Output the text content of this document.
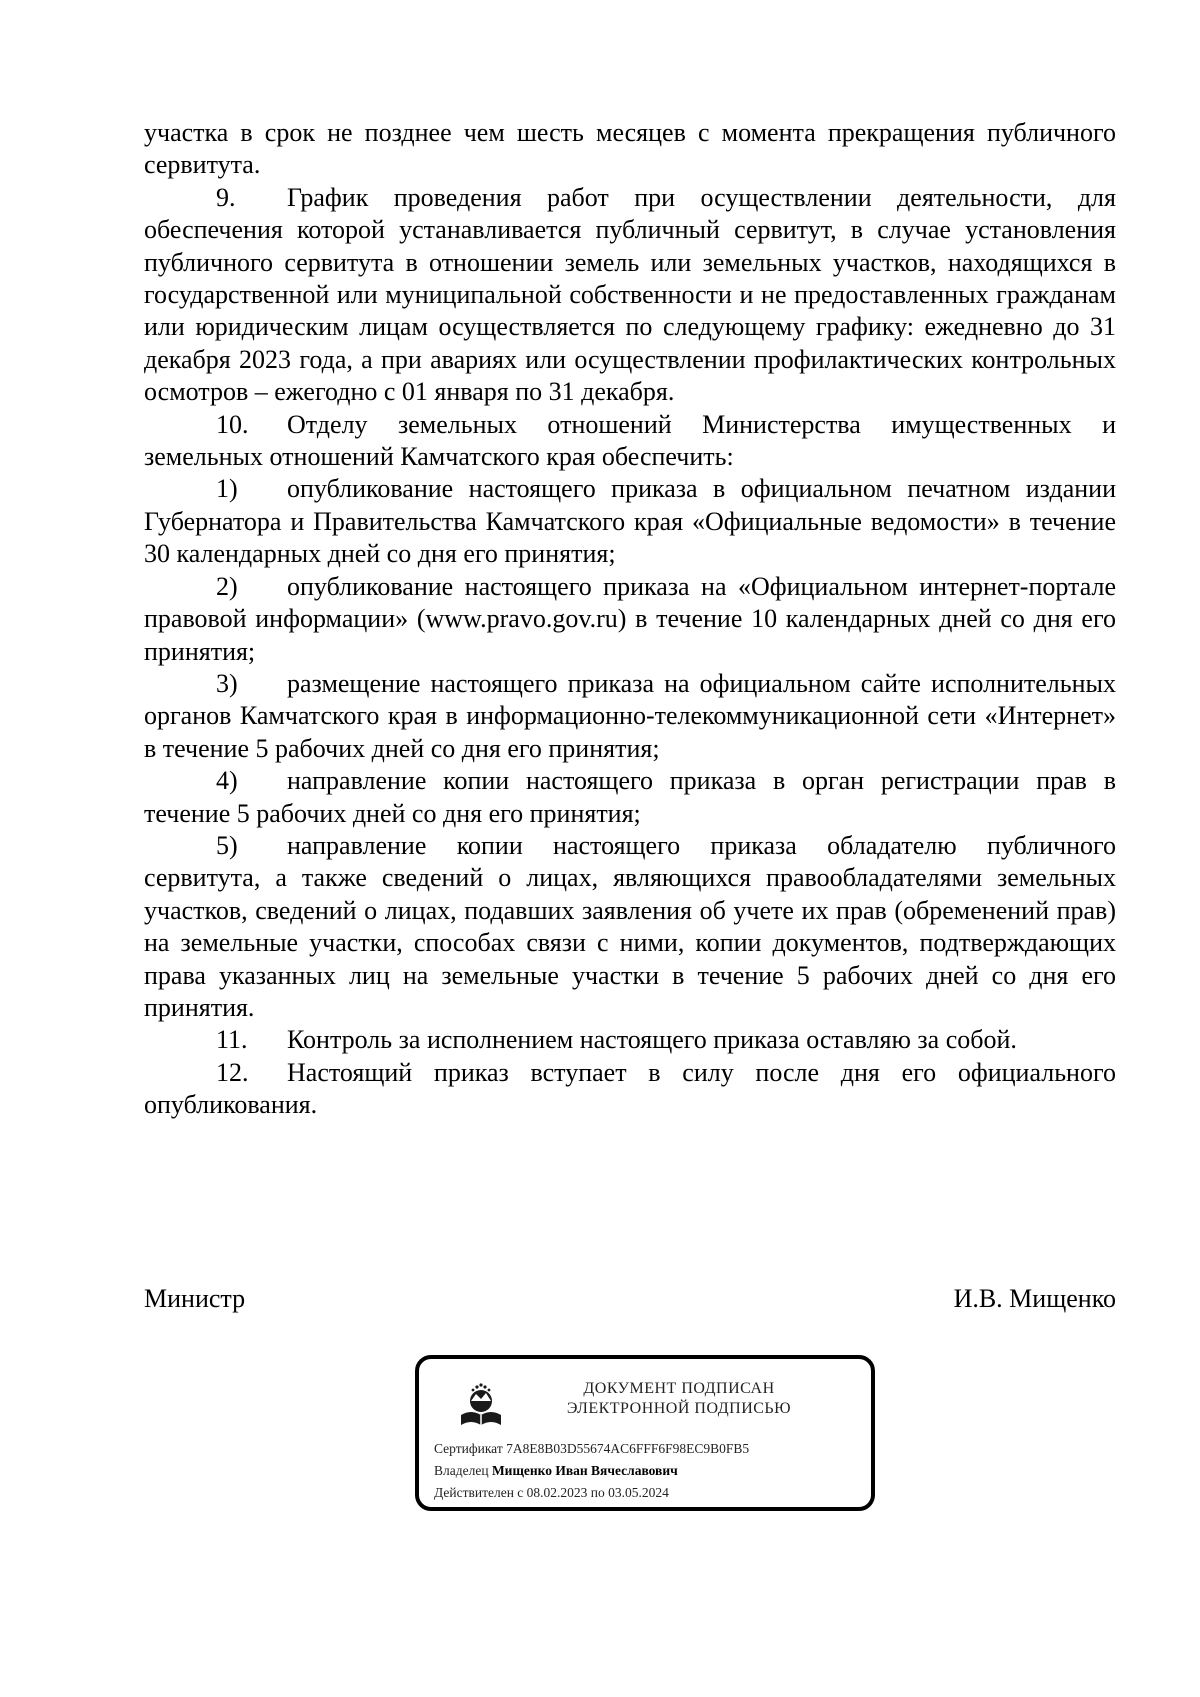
участка в срок не позднее чем шесть месяцев с момента прекращения публичного сервитута.

9. График проведения работ при осуществлении деятельности, для обеспечения которой устанавливается публичный сервитут, в случае установления публичного сервитута в отношении земель или земельных участков, находящихся в государственной или муниципальной собственности и не предоставленных гражданам или юридическим лицам осуществляется по следующему графику: ежедневно до 31 декабря 2023 года, а при авариях или осуществлении профилактических контрольных осмотров – ежегодно с 01 января по 31 декабря.

10. Отделу земельных отношений Министерства имущественных и земельных отношений Камчатского края обеспечить:

1) опубликование настоящего приказа в официальном печатном издании Губернатора и Правительства Камчатского края «Официальные ведомости» в течение 30 календарных дней со дня его принятия;

2) опубликование настоящего приказа на «Официальном интернет-портале правовой информации» (www.pravo.gov.ru) в течение 10 календарных дней со дня его принятия;

3) размещение настоящего приказа на официальном сайте исполнительных органов Камчатского края в информационно-телекоммуникационной сети «Интернет» в течение 5 рабочих дней со дня его принятия;

4) направление копии настоящего приказа в орган регистрации прав в течение 5 рабочих дней со дня его принятия;

5) направление копии настоящего приказа обладателю публичного сервитута, а также сведений о лицах, являющихся правообладателями земельных участков, сведений о лицах, подавших заявления об учете их прав (обременений прав) на земельные участки, способах связи с ними, копии документов, подтверждающих права указанных лиц на земельные участки в течение 5 рабочих дней со дня его принятия.

11. Контроль за исполнением настоящего приказа оставляю за собой.

12. Настоящий приказ вступает в силу после дня его официального опубликования.

Министр	И.В. Мищенко
ДОКУМЕНТ ПОДПИСАН
ЭЛЕКТРОННОЙ ПОДПИСЬЮ
Сертификат 7A8E8B03D55674AC6FFF6F98EC9B0FB5
Владелец Мищенко Иван Вячеславович
Действителен с 08.02.2023 по 03.05.2024
